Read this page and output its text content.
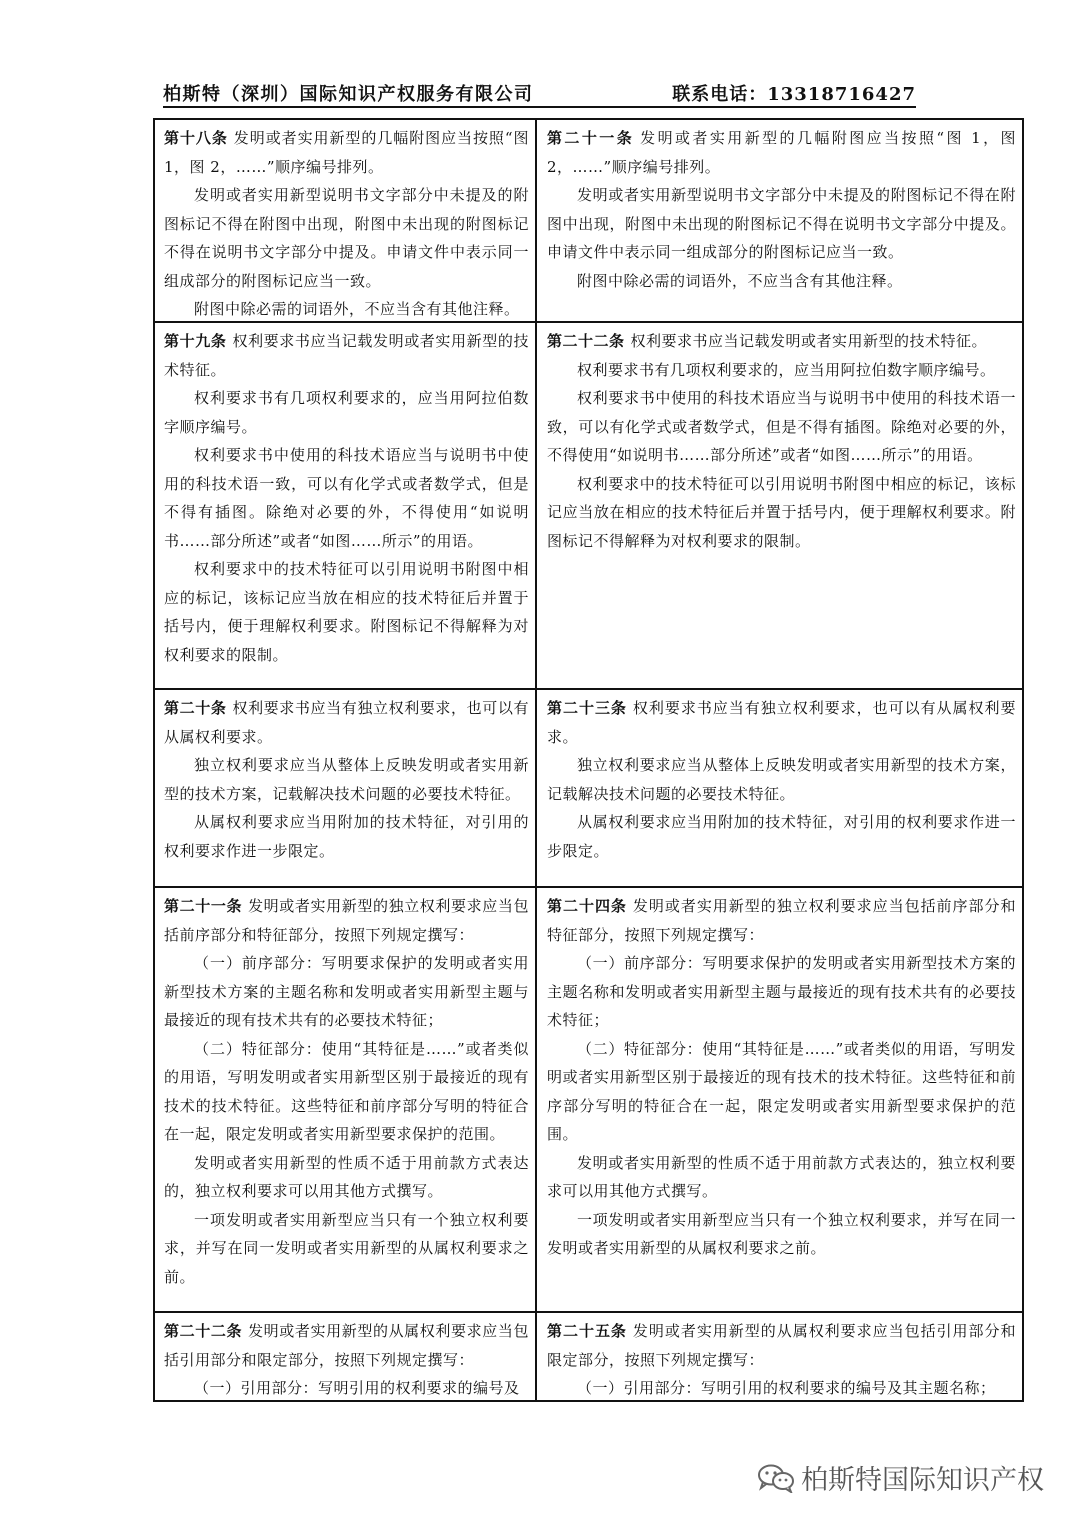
柏斯特（深圳）国际知识产权服务有限公司	联系电话：13318716427

第十八条 发明或者实用新型的几幅附图应当按照“图 1，图 2，……”顺序编号排列。

发明或者实用新型说明书文字部分中未提及的附图标记不得在附图中出现，附图中未出现的附图标记不得在说明书文字部分中提及。申请文件中表示同一组成部分的附图标记应当一致。

附图中除必需的词语外，不应当含有其他注释。

第二十一条 发明或者实用新型的几幅附图应当按照“图 1，图 2，……”顺序编号排列。

发明或者实用新型说明书文字部分中未提及的附图标记不得在附图中出现，附图中未出现的附图标记不得在说明书文字部分中提及。申请文件中表示同一组成部分的附图标记应当一致。

附图中除必需的词语外，不应当含有其他注释。

第十九条 权利要求书应当记载发明或者实用新型的技术特征。

权利要求书有几项权利要求的，应当用阿拉伯数字顺序编号。

权利要求书中使用的科技术语应当与说明书中使用的科技术语一致，可以有化学式或者数学式，但是不得有插图。除绝对必要的外，不得使用“如说明书……部分所述”或者“如图……所示”的用语。

权利要求中的技术特征可以引用说明书附图中相应的标记，该标记应当放在相应的技术特征后并置于括号内，便于理解权利要求。附图标记不得解释为对权利要求的限制。

第二十二条 权利要求书应当记载发明或者实用新型的技术特征。

权利要求书有几项权利要求的，应当用阿拉伯数字顺序编号。

权利要求书中使用的科技术语应当与说明书中使用的科技术语一致，可以有化学式或者数学式，但是不得有插图。除绝对必要的外，不得使用“如说明书……部分所述”或者“如图……所示”的用语。

权利要求中的技术特征可以引用说明书附图中相应的标记，该标记应当放在相应的技术特征后并置于括号内，便于理解权利要求。附图标记不得解释为对权利要求的限制。

第二十条 权利要求书应当有独立权利要求，也可以有从属权利要求。

独立权利要求应当从整体上反映发明或者实用新型的技术方案，记载解决技术问题的必要技术特征。

从属权利要求应当用附加的技术特征，对引用的权利要求作进一步限定。

第二十三条 权利要求书应当有独立权利要求，也可以有从属权利要求。

独立权利要求应当从整体上反映发明或者实用新型的技术方案，记载解决技术问题的必要技术特征。

从属权利要求应当用附加的技术特征，对引用的权利要求作进一步限定。

第二十一条 发明或者实用新型的独立权利要求应当包括前序部分和特征部分，按照下列规定撰写：

（一）前序部分：写明要求保护的发明或者实用新型技术方案的主题名称和发明或者实用新型主题与最接近的现有技术共有的必要技术特征；

（二）特征部分：使用“其特征是……”或者类似的用语，写明发明或者实用新型区别于最接近的现有技术的技术特征。这些特征和前序部分写明的特征合在一起，限定发明或者实用新型要求保护的范围。

发明或者实用新型的性质不适于用前款方式表达的，独立权利要求可以用其他方式撰写。

一项发明或者实用新型应当只有一个独立权利要求，并写在同一发明或者实用新型的从属权利要求之前。

第二十四条 发明或者实用新型的独立权利要求应当包括前序部分和特征部分，按照下列规定撰写：

（一）前序部分：写明要求保护的发明或者实用新型技术方案的主题名称和发明或者实用新型主题与最接近的现有技术共有的必要技术特征；

（二）特征部分：使用“其特征是……”或者类似的用语，写明发明或者实用新型区别于最接近的现有技术的技术特征。这些特征和前序部分写明的特征合在一起，限定发明或者实用新型要求保护的范围。

发明或者实用新型的性质不适于用前款方式表达的，独立权利要求可以用其他方式撰写。

一项发明或者实用新型应当只有一个独立权利要求，并写在同一发明或者实用新型的从属权利要求之前。

第二十二条 发明或者实用新型的从属权利要求应当包括引用部分和限定部分，按照下列规定撰写：

（一）引用部分：写明引用的权利要求的编号及

第二十五条 发明或者实用新型的从属权利要求应当包括引用部分和限定部分，按照下列规定撰写：

（一）引用部分：写明引用的权利要求的编号及其主题名称；

柏斯特国际知识产权
